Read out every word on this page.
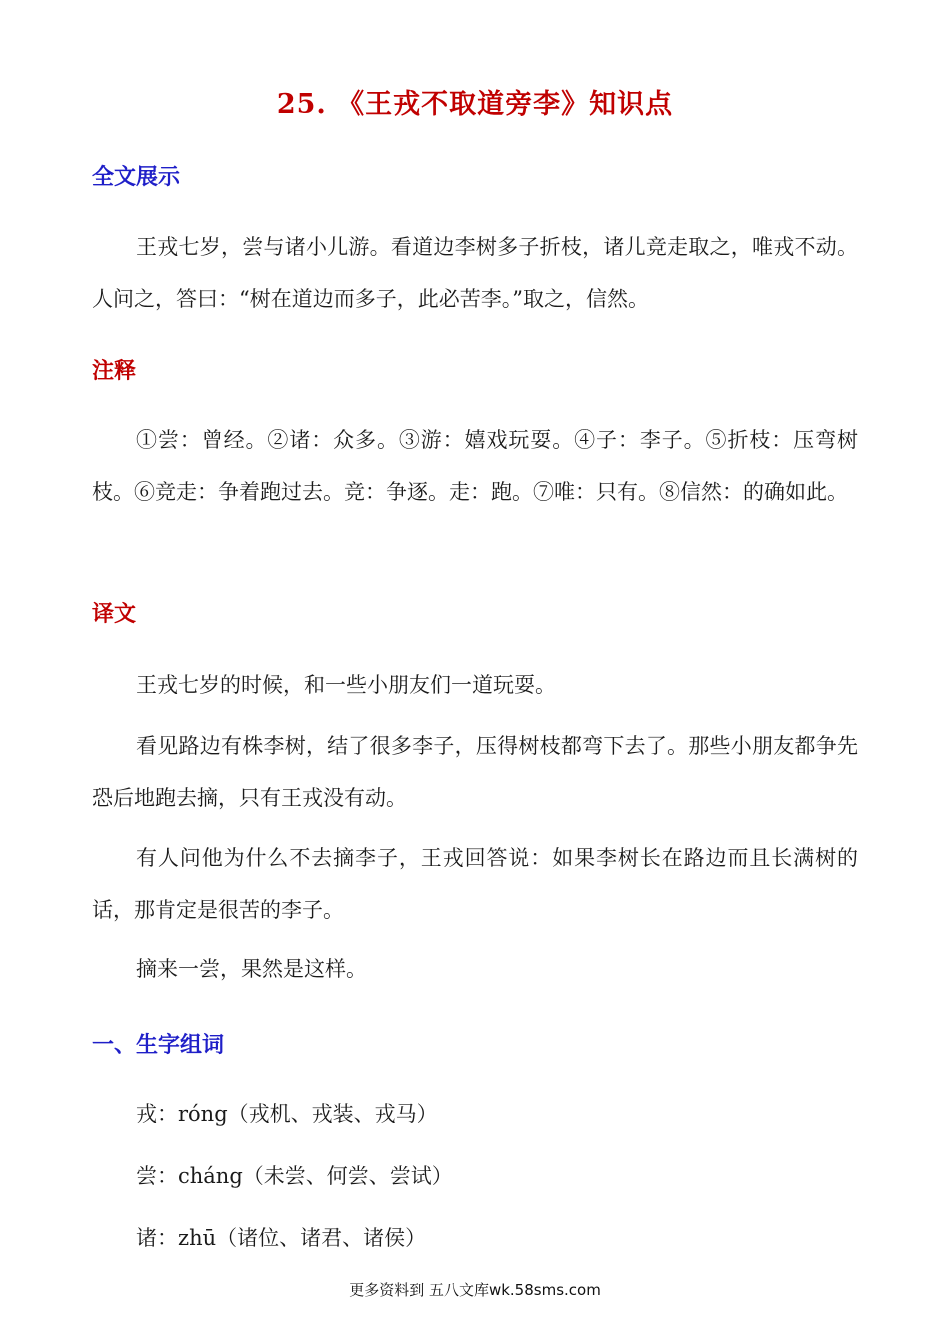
25. 《王戎不取道旁李》知识点
全文展示
王戎七岁，尝与诸小儿游。看道边李树多子折枝，诸儿竞走取之，唯戎不动。人问之，答曰：“树在道边而多子，此必苦李。”取之，信然。
注释
①尝：曾经。②诸：众多。③游：嬉戏玩耍。④子：李子。⑤折枝：压弯树枝。⑥竞走：争着跑过去。竞：争逐。走：跑。⑦唯：只有。⑧信然：的确如此。
译文
王戎七岁的时候，和一些小朋友们一道玩耍。
看见路边有株李树，结了很多李子，压得树枝都弯下去了。那些小朋友都争先恐后地跑去摘，只有王戎没有动。
有人问他为什么不去摘李子，王戎回答说：如果李树长在路边而且长满树的话，那肯定是很苦的李子。
摘来一尝，果然是这样。
一、生字组词
戎：róng（戎机、戎装、戎马）
尝：cháng（未尝、何尝、尝试）
诸：zhū（诸位、诸君、诸侯）
更多资料到 五八文库wk.58sms.com
